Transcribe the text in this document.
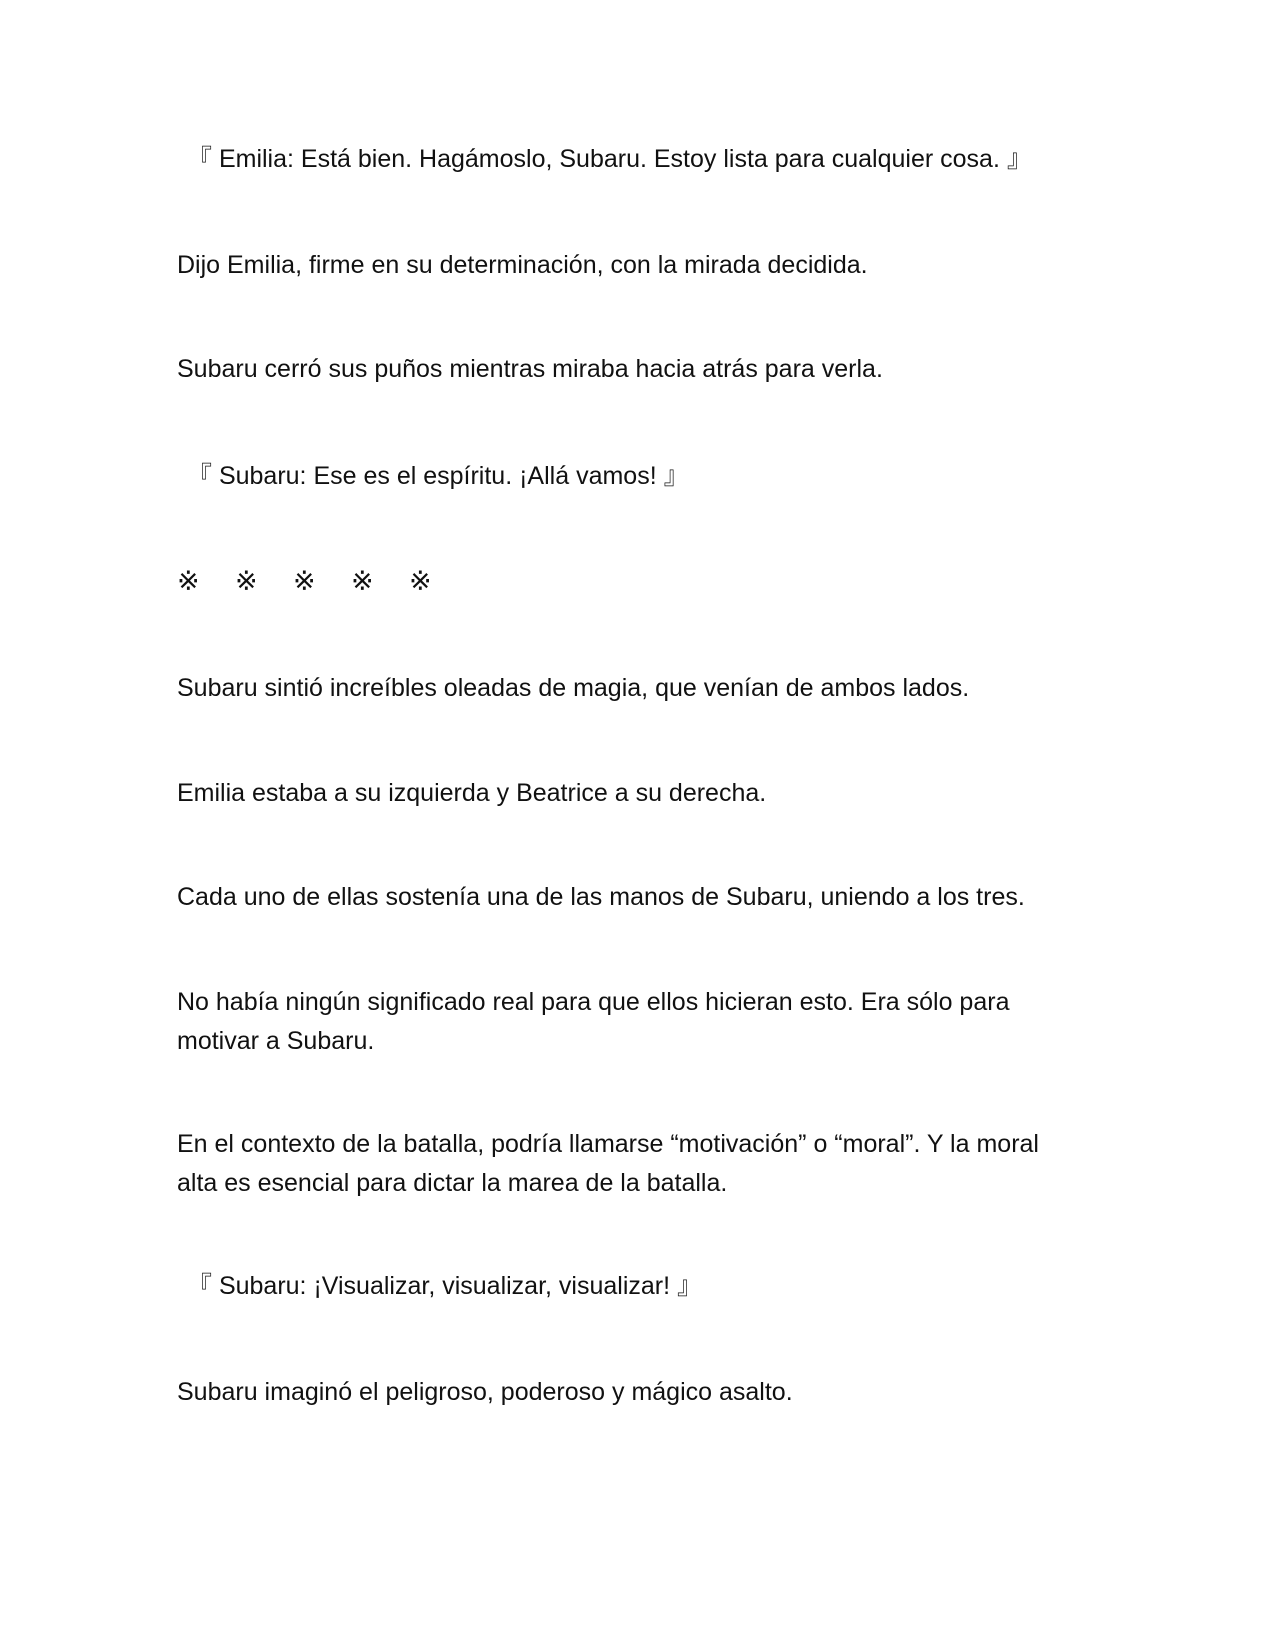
『 Emilia: Está bien. Hagámoslo, Subaru. Estoy lista para cualquier cosa. 』

Dijo Emilia, firme en su determinación, con la mirada decidida.

Subaru cerró sus puños mientras miraba hacia atrás para verla.

『 Subaru: Ese es el espíritu. ¡Allá vamos! 』

※ ※ ※ ※ ※

Subaru sintió increíbles oleadas de magia, que venían de ambos lados.

Emilia estaba a su izquierda y Beatrice a su derecha.

Cada uno de ellas sostenía una de las manos de Subaru, uniendo a los tres.

No había ningún significado real para que ellos hicieran esto. Era sólo para motivar a Subaru.

En el contexto de la batalla, podría llamarse “motivación” o “moral”. Y la moral alta es esencial para dictar la marea de la batalla.

『 Subaru: ¡Visualizar, visualizar, visualizar! 』

Subaru imaginó el peligroso, poderoso y mágico asalto.
